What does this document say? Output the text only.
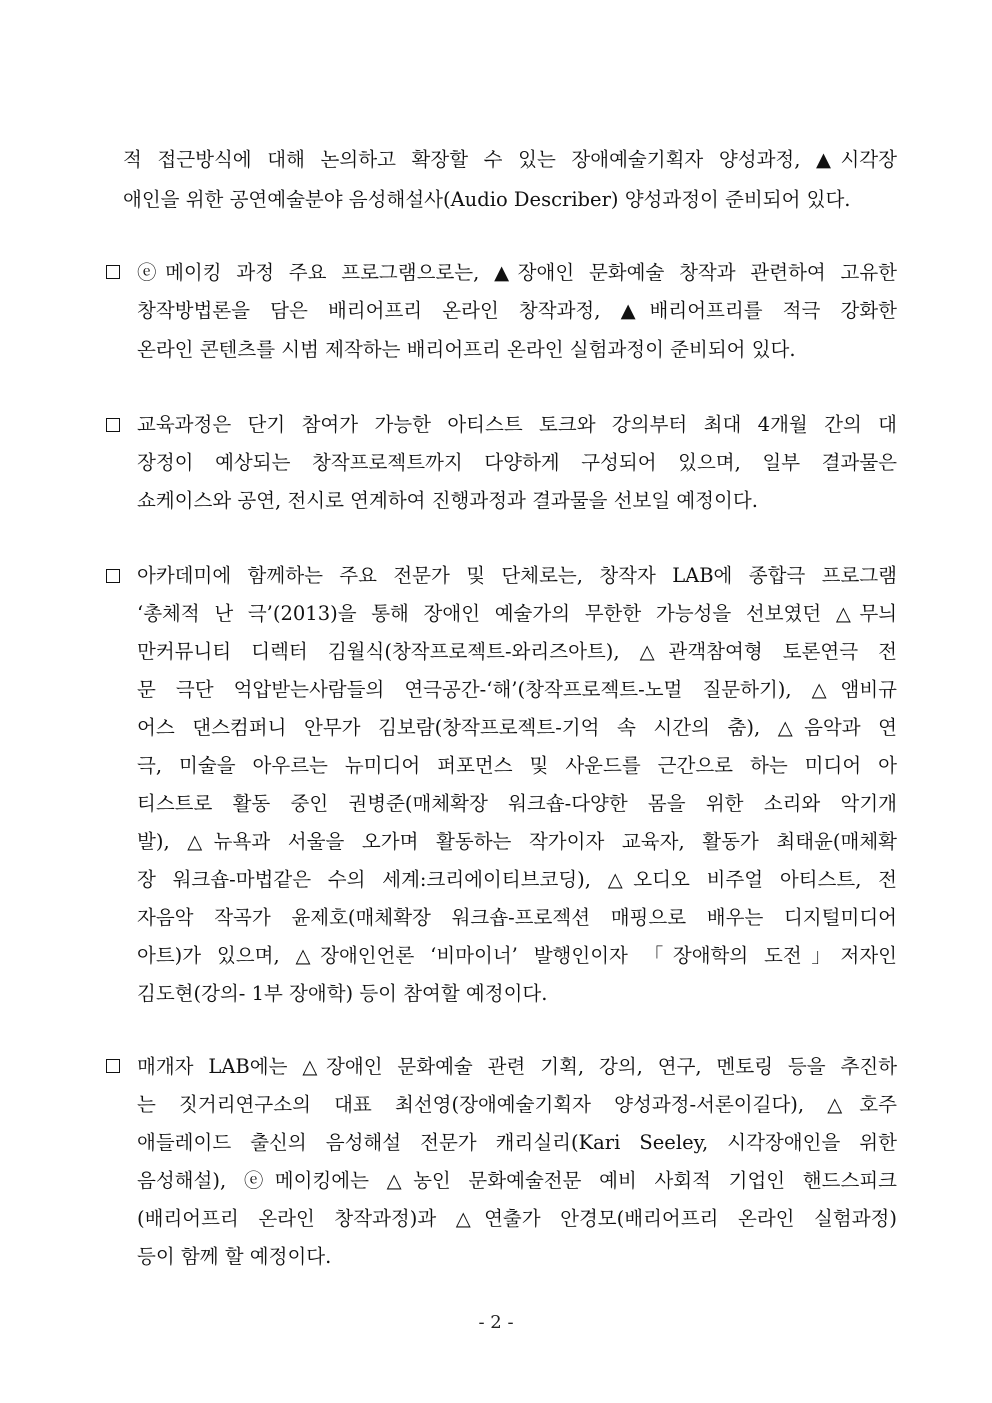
적 접근방식에 대해 논의하고 확장할 수 있는 장애예술기획자 양성과정, ▲시각장
애인을 위한 공연예술분야 음성해설사(Audio Describer) 양성과정이 준비되어 있다.
ⓔ메이킹 과정 주요 프로그램으로는, ▲장애인 문화예술 창작과 관련하여 고유한
창작방법론을 담은 배리어프리 온라인 창작과정, ▲배리어프리를 적극 강화한
온라인 콘텐츠를 시범 제작하는 배리어프리 온라인 실험과정이 준비되어 있다.
교육과정은 단기 참여가 가능한 아티스트 토크와 강의부터 최대 4개월 간의 대
장정이 예상되는 창작프로젝트까지 다양하게 구성되어 있으며, 일부 결과물은
쇼케이스와 공연, 전시로 연계하여 진행과정과 결과물을 선보일 예정이다.
아카데미에 함께하는 주요 전문가 및 단체로는, 창작자 LAB에 종합극 프로그램
‘총체적 난 극’(2013)을 통해 장애인 예술가의 무한한 가능성을 선보였던 △무늬
만커뮤니티 디렉터 김월식(창작프로젝트-와리즈아트), △관객참여형 토론연극 전
문 극단 억압받는사람들의 연극공간-‘해’(창작프로젝트-노멀 질문하기), △앰비규
어스 댄스컴퍼니 안무가 김보람(창작프로젝트-기억 속 시간의 춤), △음악과 연
극, 미술을 아우르는 뉴미디어 퍼포먼스 및 사운드를 근간으로 하는 미디어 아
티스트로 활동 중인 권병준(매체확장 워크숍-다양한 몸을 위한 소리와 악기개
발), △뉴욕과 서울을 오가며 활동하는 작가이자 교육자, 활동가 최태윤(매체확
장 워크숍-마법같은 수의 세계:크리에이티브코딩), △오디오 비주얼 아티스트, 전
자음악 작곡가 윤제호(매체확장 워크숍-프로젝션 매핑으로 배우는 디지털미디어
아트)가 있으며, △장애인언론 ‘비마이너’ 발행인이자 「장애학의 도전」저자인
김도현(강의- 1부 장애학) 등이 참여할 예정이다.
매개자 LAB에는 △장애인 문화예술 관련 기획, 강의, 연구, 멘토링 등을 추진하
는 짓거리연구소의 대표 최선영(장애예술기획자 양성과정-서론이길다), △호주
애들레이드 출신의 음성해설 전문가 캐리실리(Kari Seeley, 시각장애인을 위한
음성해설), ⓔ메이킹에는 △농인 문화예술전문 예비 사회적 기업인 핸드스피크
(배리어프리 온라인 창작과정)과 △연출가 안경모(배리어프리 온라인 실험과정)
등이 함께 할 예정이다.
- 2 -
